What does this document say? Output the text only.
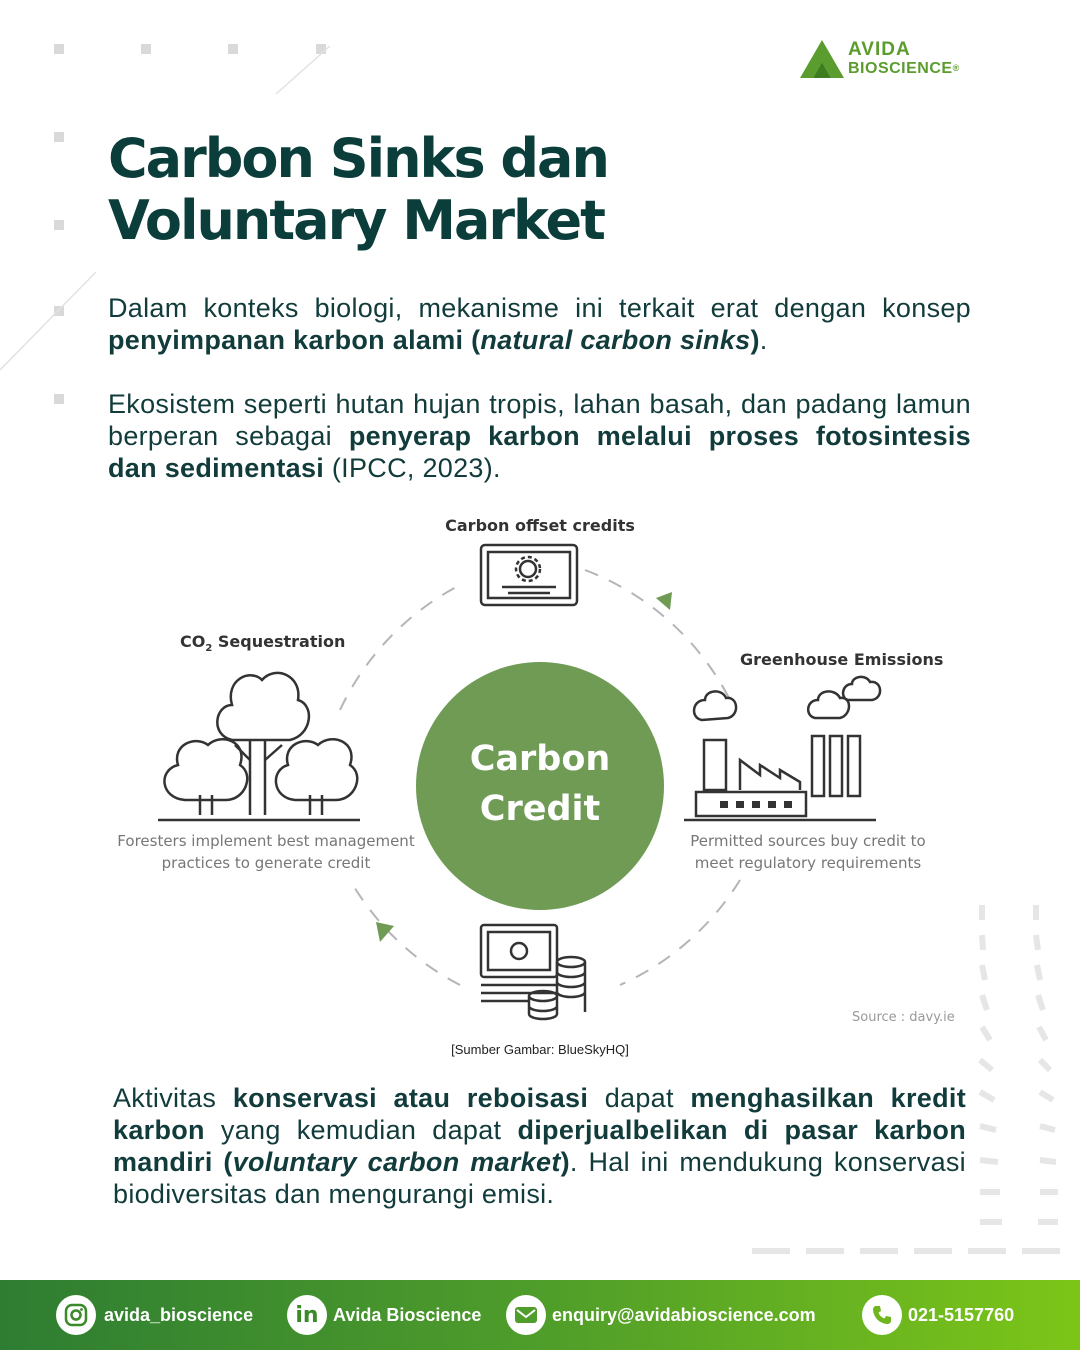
AVIDA
BIOSCIENCE®
Carbon Sinks dan
Voluntary Market
Dalam konteks biologi, mekanisme ini terkait erat dengan konsep penyimpanan karbon alami (natural carbon sinks).
Ekosistem seperti hutan hujan tropis, lahan basah, dan padang lamun berperan sebagai penyerap karbon melalui proses fotosintesis dan sedimentasi (IPCC, 2023).
Carbon offset credits
$CO_2$ Sequestration
Greenhouse Emissions
Carbon
Credit
Foresters implement best management
practices to generate credit
Permitted sources buy credit to
meet regulatory requirements
Source : davy.ie
[Sumber Gambar: BlueSkyHQ]
Aktivitas konservasi atau reboisasi dapat menghasilkan kredit karbon yang kemudian dapat diperjualbelikan di pasar karbon mandiri (voluntary carbon market). Hal ini mendukung konservasi biodiversitas dan mengurangi emisi.
avida_bioscience in Avida Bioscience	enquiry@avidabioscience.com	021-5157760
